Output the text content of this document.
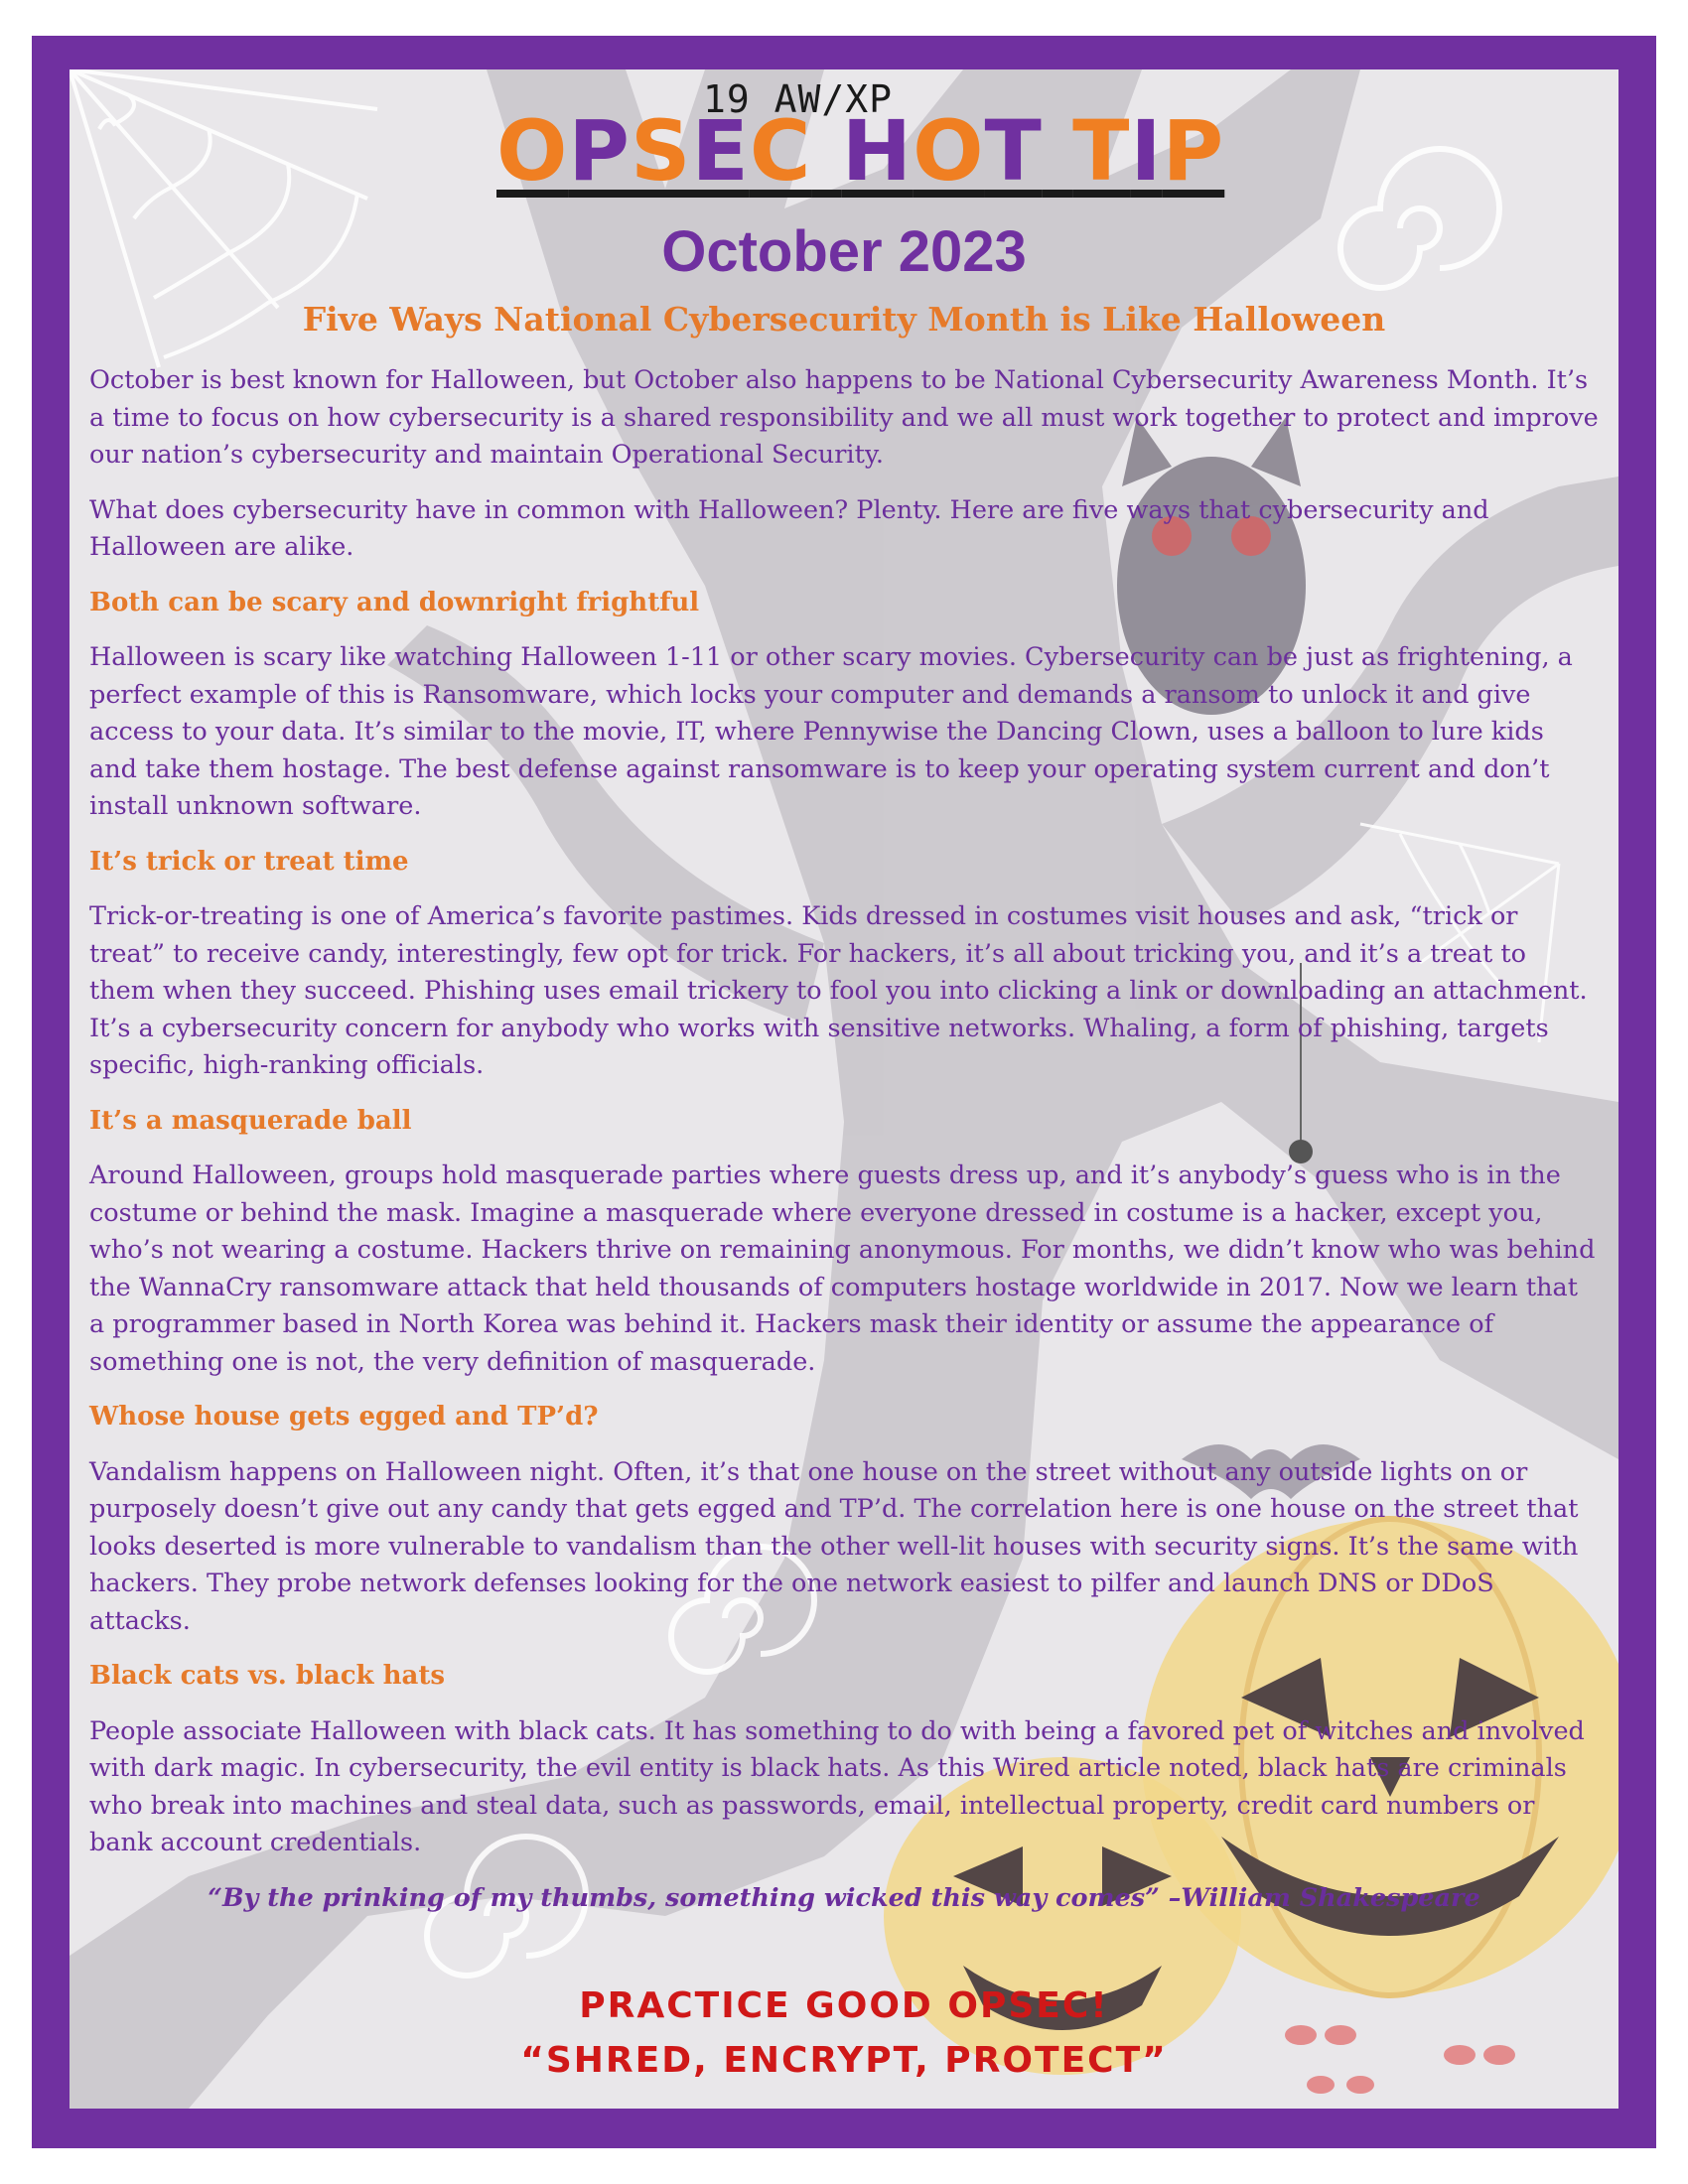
19 AW/XP
OPSEC HOT TIP
October 2023
Five Ways National Cybersecurity Month is Like Halloween

October is best known for Halloween, but October also happens to be National Cybersecurity Awareness Month. It’s a time to focus on how cybersecurity is a shared responsibility and we all must work together to protect and improve our nation’s cybersecurity and maintain Operational Security.

What does cybersecurity have in common with Halloween? Plenty. Here are five ways that cybersecurity and Halloween are alike.

Both can be scary and downright frightful

Halloween is scary like watching Halloween 1-11 or other scary movies. Cybersecurity can be just as frightening, a perfect example of this is Ransomware, which locks your computer and demands a ransom to unlock it and give access to your data. It’s similar to the movie, IT, where Pennywise the Dancing Clown, uses a balloon to lure kids and take them hostage. The best defense against ransomware is to keep your operating system current and don’t install unknown software.

It’s trick or treat time

Trick-or-treating is one of America’s favorite pastimes. Kids dressed in costumes visit houses and ask, “trick or treat” to receive candy, interestingly, few opt for trick. For hackers, it’s all about tricking you, and it’s a treat to them when they succeed. Phishing uses email trickery to fool you into clicking a link or downloading an attachment. It’s a cybersecurity concern for anybody who works with sensitive networks. Whaling, a form of phishing, targets specific, high-ranking officials.

It’s a masquerade ball

Around Halloween, groups hold masquerade parties where guests dress up, and it’s anybody’s guess who is in the costume or behind the mask. Imagine a masquerade where everyone dressed in costume is a hacker, except you, who’s not wearing a costume. Hackers thrive on remaining anonymous. For months, we didn’t know who was behind the WannaCry ransomware attack that held thousands of computers hostage worldwide in 2017. Now we learn that a programmer based in North Korea was behind it. Hackers mask their identity or assume the appearance of something one is not, the very definition of masquerade.

Whose house gets egged and TP’d?

Vandalism happens on Halloween night. Often, it’s that one house on the street without any outside lights on or purposely doesn’t give out any candy that gets egged and TP’d. The correlation here is one house on the street that looks deserted is more vulnerable to vandalism than the other well-lit houses with security signs. It’s the same with hackers. They probe network defenses looking for the one network easiest to pilfer and launch DNS or DDoS attacks.

Black cats vs. black hats

People associate Halloween with black cats. It has something to do with being a favored pet of witches and involved with dark magic. In cybersecurity, the evil entity is black hats. As this Wired article noted, black hats are criminals who break into machines and steal data, such as passwords, email, intellectual property, credit card numbers or bank account credentials.

“By the prinking of my thumbs, something wicked this way comes” –William Shakespeare

PRACTICE GOOD OPSEC!
“SHRED, ENCRYPT, PROTECT”
